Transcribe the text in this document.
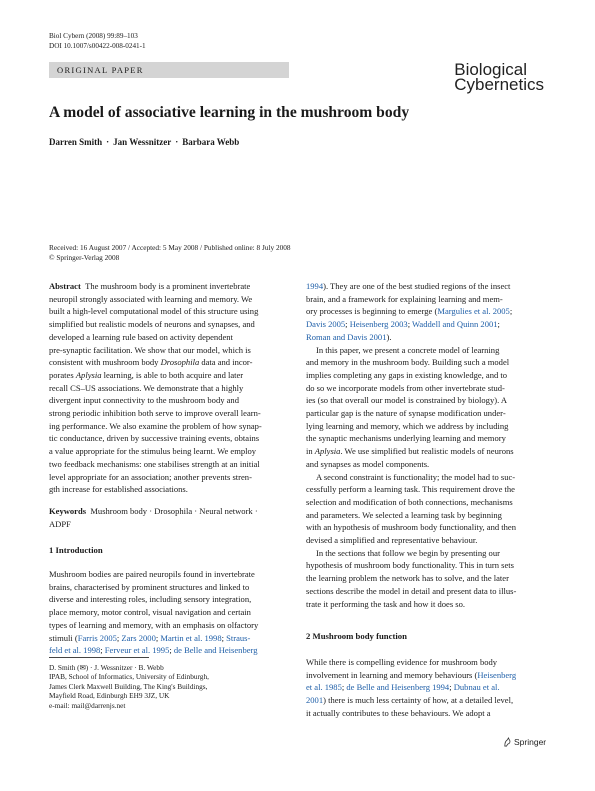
Biol Cybern (2008) 99:89–103
DOI 10.1007/s00422-008-0241-1
ORIGINAL PAPER	Biological
Cybernetics
A model of associative learning in the mushroom body
Darren Smith · Jan Wessnitzer · Barbara Webb
Received: 16 August 2007 / Accepted: 5 May 2008 / Published online: 8 July 2008
© Springer-Verlag 2008

Abstract The mushroom body is a prominent invertebrate

neuropil strongly associated with learning and memory. We

built a high-level computational model of this structure using

simplified but realistic models of neurons and synapses, and

developed a learning rule based on activity dependent

pre-synaptic facilitation. We show that our model, which is

consistent with mushroom body Drosophila data and incor-

porates Aplysia learning, is able to both acquire and later

recall CS–US associations. We demonstrate that a highly

divergent input connectivity to the mushroom body and

strong periodic inhibition both serve to improve overall learn-

ing performance. We also examine the problem of how synap-

tic conductance, driven by successive training events, obtains

a value appropriate for the stimulus being learnt. We employ

two feedback mechanisms: one stabilises strength at an initial

level appropriate for an association; another prevents stren-

gth increase for established associations.

Keywords Mushroom body · Drosophila · Neural network ·

ADPF

1 Introduction

Mushroom bodies are paired neuropils found in invertebrate

brains, characterised by prominent structures and linked to

diverse and interesting roles, including sensory integration,

place memory, motor control, visual navigation and certain

types of learning and memory, with an emphasis on olfactory

stimuli (Farris 2005; Zars 2000; Martin et al. 1998; Straus-

feld et al. 1998; Ferveur et al. 1995; de Belle and Heisenberg

D. Smith (✉) · J. Wessnitzer · B. Webb
IPAB, School of Informatics, University of Edinburgh,
James Clerk Maxwell Building, The King's Buildings,
Mayfield Road, Edinburgh EH9 3JZ, UK
e-mail: mail@darrenjs.net

1994). They are one of the best studied regions of the insect

brain, and a framework for explaining learning and mem-

ory processes is beginning to emerge (Margulies et al. 2005;

Davis 2005; Heisenberg 2003; Waddell and Quinn 2001;

Roman and Davis 2001).

In this paper, we present a concrete model of learning

and memory in the mushroom body. Building such a model

implies completing any gaps in existing knowledge, and to

do so we incorporate models from other invertebrate stud-

ies (so that overall our model is constrained by biology). A

particular gap is the nature of synapse modification under-

lying learning and memory, which we address by including

the synaptic mechanisms underlying learning and memory

in Aplysia. We use simplified but realistic models of neurons

and synapses as model components.

A second constraint is functionality; the model had to suc-

cessfully perform a learning task. This requirement drove the

selection and modification of both connections, mechanisms

and parameters. We selected a learning task by beginning

with an hypothesis of mushroom body functionality, and then

devised a simplified and representative behaviour.

In the sections that follow we begin by presenting our

hypothesis of mushroom body functionality. This in turn sets

the learning problem the network has to solve, and the later

sections describe the model in detail and present data to illus-

trate it performing the task and how it does so.

2 Mushroom body function

While there is compelling evidence for mushroom body

involvement in learning and memory behaviours (Heisenberg

et al. 1985; de Belle and Heisenberg 1994; Dubnau et al.

2001) there is much less certainty of how, at a detailed level,

it actually contributes to these behaviours. We adopt a

Springer
